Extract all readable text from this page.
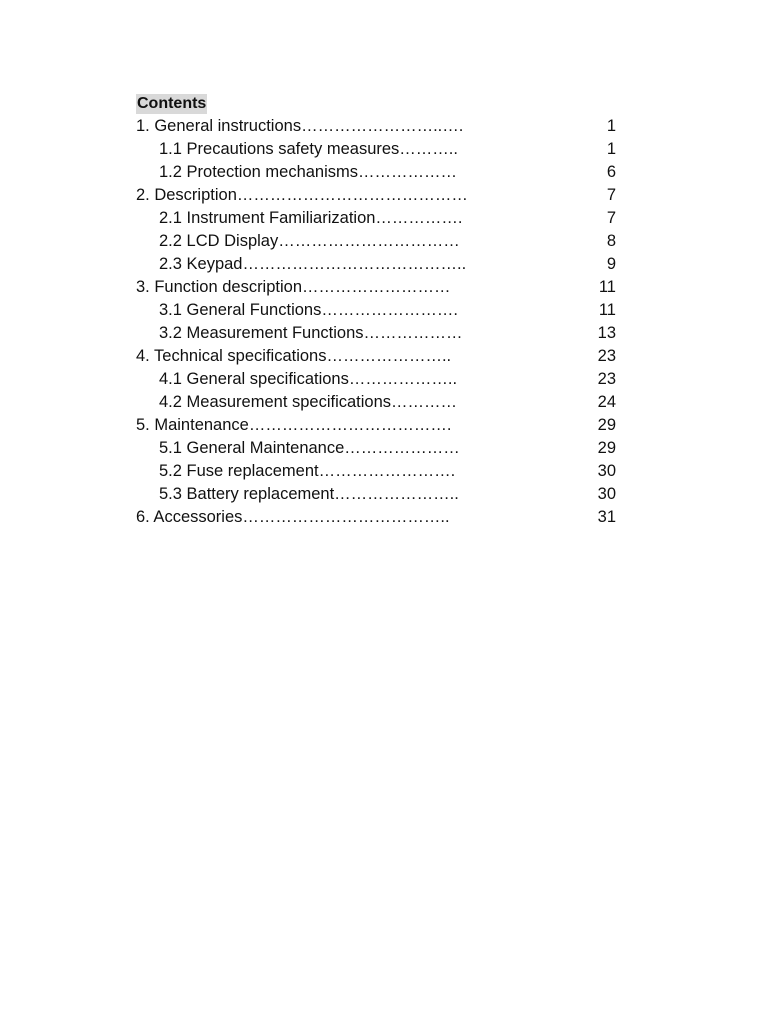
Contents
1. General instructions……………………..….	1
1.1 Precautions safety measures………..	1
1.2 Protection mechanisms………………	6
2. Description……………………………………	7
2.1 Instrument Familiarization…………….	7
2.2 LCD Display……………………………	8
2.3 Keypad…………………………………..	9
3. Function description………………………	11
3.1 General Functions…………………….	11
3.2 Measurement Functions………………	13
4. Technical specifications…………………..	23
4.1 General specifications………………..	23
4.2 Measurement specifications…………	24
5. Maintenance……………………………….	29
5.1 General Maintenance…………………	29
5.2 Fuse replacement…………………….	30
5.3 Battery replacement…………………..	30
6. Accessories………………………………..	31
